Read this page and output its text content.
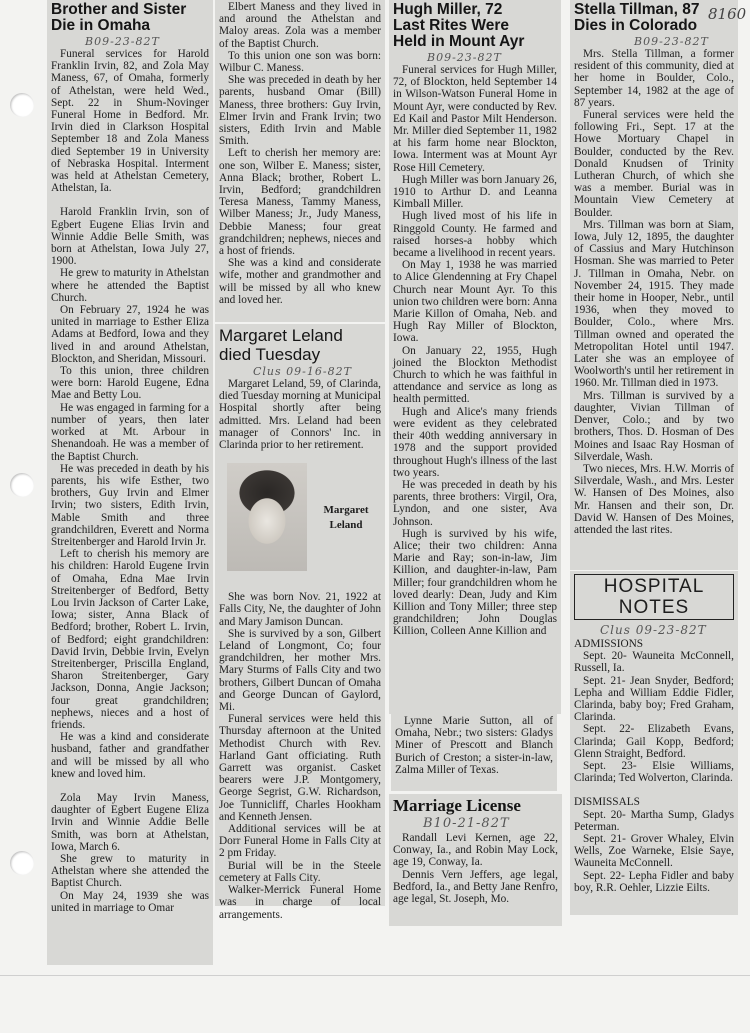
8160
Brother and Sister
Die in Omaha
B09-23-82T

Funeral services for Harold Franklin Irvin, 82, and Zola May Maness, 67, of Omaha, formerly of Athelstan, were held Wed., Sept. 22 in Shum-Novinger Funeral Home in Bedford. Mr. Irvin died in Clarkson Hospital September 18 and Zola Maness died September 19 in University of Nebraska Hospital. Interment was held at Athelstan Cemetery, Athelstan, Ia.

Harold Franklin Irvin, son of Egbert Eugene Elias Irvin and Winnie Addie Belle Smith, was born at Athelstan, Iowa July 27, 1900.

He grew to maturity in Athelstan where he attended the Baptist Church.

On February 27, 1924 he was united in marriage to Esther Eliza Adams at Bedford, Iowa and they lived in and around Athelstan, Blockton, and Sheridan, Missouri.

To this union, three children were born: Harold Eugene, Edna Mae and Betty Lou.

He was engaged in farming for a number of years, then later worked at Mt. Arbour in Shenandoah. He was a member of the Baptist Church.

He was preceded in death by his parents, his wife Esther, two brothers, Guy Irvin and Elmer Irvin; two sisters, Edith Irvin, Mable Smith and three grandchildren, Everett and Norma Streitenberger and Harold Irvin Jr.

Left to cherish his memory are his children: Harold Eugene Irvin of Omaha, Edna Mae Irvin Streitenberger of Bedford, Betty Lou Irvin Jackson of Carter Lake, Iowa; sister, Anna Black of Bedford; brother, Robert L. Irvin, of Bedford; eight grandchildren: David Irvin, Debbie Irvin, Evelyn Streitenberger, Priscilla England, Sharon Streitenberger, Gary Jackson, Donna, Angie Jackson; four great grandchildren; nephews, nieces and a host of friends.

He was a kind and considerate husband, father and grandfather and will be missed by all who knew and loved him.

Zola May Irvin Maness, daughter of Egbert Eugene Eliza Irvin and Winnie Addie Belle Smith, was born at Athelstan, Iowa, March 6.

She grew to maturity in Athelstan where she attended the Baptist Church.

On May 24, 1939 she was united in marriage to Omar

Elbert Maness and they lived in and around the Athelstan and Maloy areas. Zola was a member of the Baptist Church.

To this union one son was born: Wilbur C. Maness.

She was preceded in death by her parents, husband Omar (Bill) Maness, three brothers: Guy Irvin, Elmer Irvin and Frank Irvin; two sisters, Edith Irvin and Mable Smith.

Left to cherish her memory are: one son, Wilber E. Maness; sister, Anna Black; brother, Robert L. Irvin, Bedford; grandchildren Teresa Maness, Tammy Maness, Wilber Maness; Jr., Judy Maness, Debbie Maness; four great grandchildren; nephews, nieces and a host of friends.

She was a kind and considerate wife, mother and grandmother and will be missed by all who knew and loved her.

Margaret Leland
died Tuesday
Clus 09-16-82T

Margaret Leland, 59, of Clarinda, died Tuesday morning at Municipal Hospital shortly after being admitted. Mrs. Leland had been manager of Connors' Inc. in Clarinda prior to her retirement.

Margaret
Leland

She was born Nov. 21, 1922 at Falls City, Ne, the daughter of John and Mary Jamison Duncan.

She is survived by a son, Gilbert Leland of Longmont, Co; four grandchildren, her mother Mrs. Mary Sturms of Falls City and two brothers, Gilbert Duncan of Omaha and George Duncan of Gaylord, Mi.

Funeral services were held this Thursday afternoon at the United Methodist Church with Rev. Harland Gant officiating. Ruth Garrett was organist. Casket bearers were J.P. Montgomery, George Segrist, G.W. Richardson, Joe Tunnicliff, Charles Hookham and Kenneth Jensen.

Additional services will be at Dorr Funeral Home in Falls City at 2 pm Friday.

Burial will be in the Steele cemetery at Falls City.

Walker-Merrick Funeral Home was in charge of local arrangements.

Hugh Miller, 72
Last Rites Were
Held in Mount Ayr
B09-23-82T

Funeral services for Hugh Miller, 72, of Blockton, held September 14 in Wilson-Watson Funeral Home in Mount Ayr, were conducted by Rev. Ed Kail and Pastor Milt Henderson. Mr. Miller died September 11, 1982 at his farm home near Blockton, Iowa. Interment was at Mount Ayr Rose Hill Cemetery.

Hugh Miller was born January 26, 1910 to Arthur D. and Leanna Kimball Miller.

Hugh lived most of his life in Ringgold County. He farmed and raised horses-a hobby which became a livelihood in recent years.

On May 1, 1938 he was married to Alice Glendenning at Fry Chapel Church near Mount Ayr. To this union two children were born: Anna Marie Killon of Omaha, Neb. and Hugh Ray Miller of Blockton, Iowa.

On January 22, 1955, Hugh joined the Blockton Methodist Church to which he was faithful in attendance and service as long as health permitted.

Hugh and Alice's many friends were evident as they celebrated their 40th wedding anniversary in 1978 and the support provided throughout Hugh's illness of the last two years.

He was preceded in death by his parents, three brothers: Virgil, Ora, Lyndon, and one sister, Ava Johnson.

Hugh is survived by his wife, Alice; their two children: Anna Marie and Ray; son-in-law, Jim Killion, and daughter-in-law, Pam Miller; four grandchildren whom he loved dearly: Dean, Judy and Kim Killion and Tony Miller; three step grandchildren; John Douglas Killion, Colleen Anne Killion and

Lynne Marie Sutton, all of Omaha, Nebr.; two sisters: Gladys Miner of Prescott and Blanch Burich of Creston; a sister-in-law, Zalma Miller of Texas.

Marriage License
B10-21-82T

Randall Levi Kernen, age 22, Conway, Ia., and Robin May Lock, age 19, Conway, Ia.

Dennis Vern Jeffers, age legal, Bedford, Ia., and Betty Jane Renfro, age legal, St. Joseph, Mo.

Stella Tillman, 87
Dies in Colorado
B09-23-82T

Mrs. Stella Tillman, a former resident of this community, died at her home in Boulder, Colo., September 14, 1982 at the age of 87 years.

Funeral services were held the following Fri., Sept. 17 at the Howe Mortuary Chapel in Boulder, conducted by the Rev. Donald Knudsen of Trinity Lutheran Church, of which she was a member. Burial was in Mountain View Cemetery at Boulder.

Mrs. Tillman was born at Siam, Iowa, July 12, 1895, the daughter of Cassius and Mary Hutchinson Hosman. She was married to Peter J. Tillman in Omaha, Nebr. on November 24, 1915. They made their home in Hooper, Nebr., until 1936, when they moved to Boulder, Colo., where Mrs. Tillman owned and operated the Metropolitan Hotel until 1947. Later she was an employee of Woolworth's until her retirement in 1960. Mr. Tillman died in 1973.

Mrs. Tillman is survived by a daughter, Vivian Tillman of Denver, Colo.; and by two brothers, Thos. D. Hosman of Des Moines and Isaac Ray Hosman of Silverdale, Wash.

Two nieces, Mrs. H.W. Morris of Silverdale, Wash., and Mrs. Lester W. Hansen of Des Moines, also Mr. Hansen and their son, Dr. David W. Hansen of Des Moines, attended the last rites.

HOSPITAL
NOTES
Clus 09-23-82T

ADMISSIONS

Sept. 20- Wauneita McConnell, Russell, Ia.

Sept. 21- Jean Snyder, Bedford; Lepha and William Eddie Fidler, Clarinda, baby boy; Fred Graham, Clarinda.

Sept. 22- Elizabeth Evans, Clarinda; Gail Kopp, Bedford; Glenn Straight, Bedford.

Sept. 23- Elsie Williams, Clarinda; Ted Wolverton, Clarinda.

DISMISSALS

Sept. 20- Martha Sump, Gladys Peterman.

Sept. 21- Grover Whaley, Elvin Wells, Zoe Warneke, Elsie Saye, Wauneita McConnell.

Sept. 22- Lepha Fidler and baby boy, R.R. Oehler, Lizzie Eilts.
